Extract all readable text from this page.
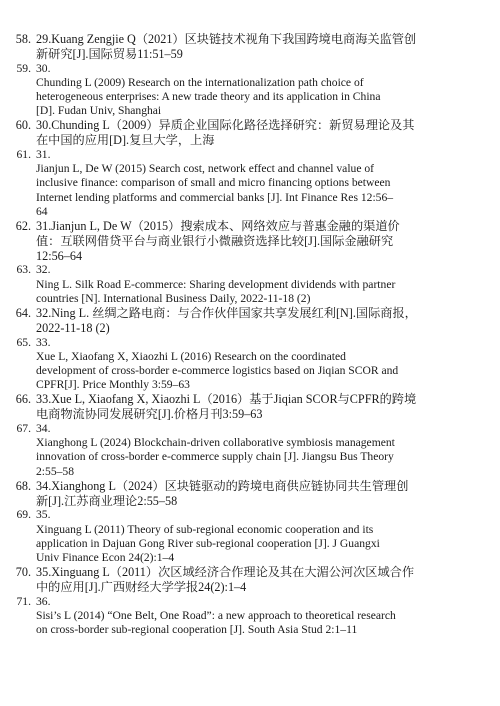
58. 29.Kuang Zengjie Q（2021）区块链技术视角下我国跨境电商海关监管创
新研究[J].国际贸易11:51–59
59. 30.
Chunding L (2009) Research on the internationalization path choice of
heterogeneous enterprises: A new trade theory and its application in China
[D]. Fudan Univ, Shanghai
60. 30.Chunding L（2009）异质企业国际化路径选择研究：新贸易理论及其
在中国的应用[D].复旦大学，上海
61. 31.
Jianjun L, De W (2015) Search cost, network effect and channel value of
inclusive finance: comparison of small and micro financing options between
Internet lending platforms and commercial banks [J]. Int Finance Res 12:56–
64
62. 31.Jianjun L, De W（2015）搜索成本、网络效应与普惠金融的渠道价
值：互联网借贷平台与商业银行小微融资选择比较[J].国际金融研究
12:56–64
63. 32.
Ning L. Silk Road E-commerce: Sharing development dividends with partner
countries [N]. International Business Daily, 2022-11-18 (2)
64. 32.Ning L. 丝绸之路电商：与合作伙伴国家共享发展红利[N].国际商报，
2022-11-18 (2)
65. 33.
Xue L, Xiaofang X, Xiaozhi L (2016) Research on the coordinated
development of cross-border e-commerce logistics based on Jiqian SCOR and
CPFR[J]. Price Monthly 3:59–63
66. 33.Xue L, Xiaofang X, Xiaozhi L（2016）基于Jiqian SCOR与CPFR的跨境
电商物流协同发展研究[J].价格月刊3:59–63
67. 34.
Xianghong L (2024) Blockchain-driven collaborative symbiosis management
innovation of cross-border e-commerce supply chain [J]. Jiangsu Bus Theory
2:55–58
68. 34.Xianghong L（2024）区块链驱动的跨境电商供应链协同共生管理创
新[J].江苏商业理论2:55–58
69. 35.
Xinguang L (2011) Theory of sub-regional economic cooperation and its
application in Dajuan Gong River sub-regional cooperation [J]. J Guangxi
Univ Finance Econ 24(2):1–4
70. 35.Xinguang L（2011）次区域经济合作理论及其在大湄公河次区域合作
中的应用[J].广西财经大学学报24(2):1–4
71. 36.
Sisi’s L (2014) “One Belt, One Road”: a new approach to theoretical research
on cross-border sub-regional cooperation [J]. South Asia Stud 2:1–11
